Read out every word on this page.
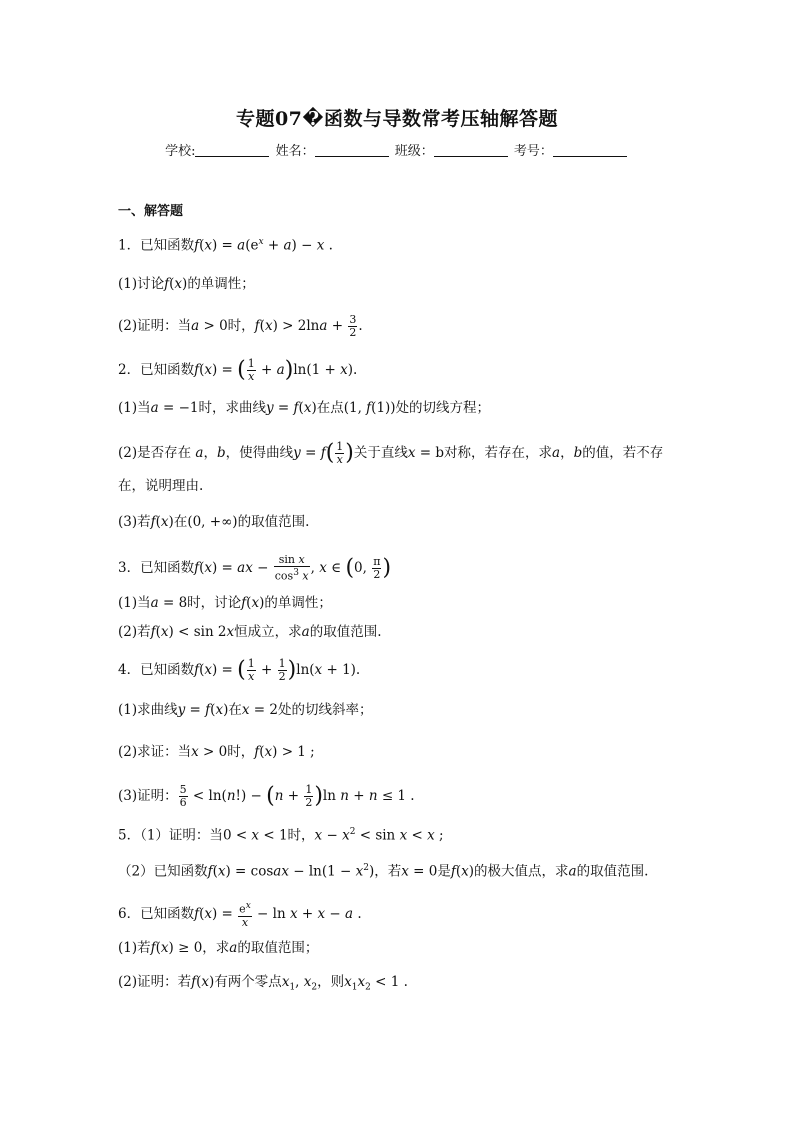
专题07�函数与导数常考压轴解答题
学校:	姓名：	班级：	考号：
一、解答题
1．已知函数$f(x) = a(e^x + a) - x$ .
(1)讨论f(x)的单调性；
(2)证明：当a > 0时，$f(x) > 2\ln a + \frac{3}{2}$ .
2．已知函数f(x) = ( $\frac{1}{x} + a)\ln(1 + x)$.
(1)当a = −1时，求曲线y = f(x)在点(1, f(1))处的切线方程；
(2)是否存在 a，b，使得曲线$y = f( \frac{1}{x}$ )关于直线x = b对称，若存在，求a，b的值，若不存
在，说明理由.
(3)若f(x)在(0, +∞)的取值范围.
3．已知函数f(x) = ax − $\frac{\text{sin x}}{\cos^3 x}$ , x ∈ (0, $\frac{\pi}{2}$ )
(1)当a = 8时，讨论f(x)的单调性；
(2)若f(x) < sin 2x恒成立，求a的取值范围.
4．已知函数f(x) = ( $\frac{1}{x} + \frac{1}{2} )\ln(x + 1)$.
(1)求曲线y = f(x)在x = 2处的切线斜率；
(2)求证：当x > 0时，f(x) > 1 ;
(3)证明： $\frac{5}{6} < \ln(n!) - (n + \frac{1}{2} )\ln$ n + n ≤ 1 .
5．（1）证明：当0 < x < 1时，$x - x^2 < \sin x < x$ ;
（2）已知函数f(x) = cosax − $\ln(1 - x^2)$，若x = 0是f(x)的极大值点，求a的取值范围.
6．已知函数$f(x) = \frac{e^x}{x} - \ln x + x - a$ .
(1)若f(x) ≥ 0，求a的取值范围；
(2)证明：若f(x)有两个零点$x_1$, $x_2$，则$x_1x_2 < 1$ .
